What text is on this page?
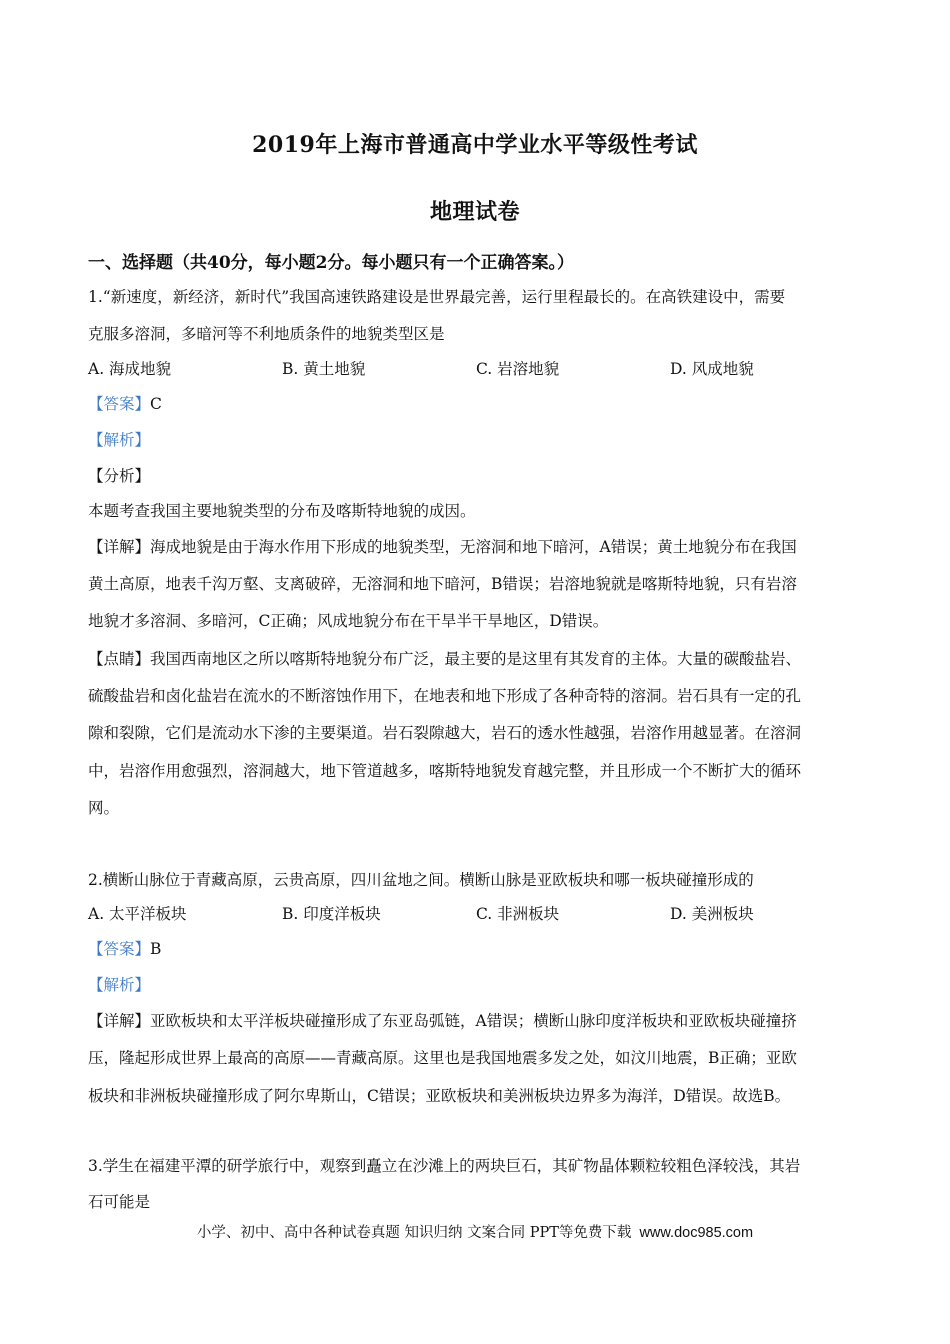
2019年上海市普通高中学业水平等级性考试
地理试卷
一、选择题（共40分，每小题2分。每小题只有一个正确答案。）
1.“新速度，新经济，新时代”我国高速铁路建设是世界最完善，运行里程最长的。在高铁建设中，需要
克服多溶洞，多暗河等不利地质条件的地貌类型区是
A. 海成地貌	B. 黄土地貌	C. 岩溶地貌	D. 风成地貌
【答案】C
【解析】
【分析】
本题考查我国主要地貌类型的分布及喀斯特地貌的成因。
【详解】海成地貌是由于海水作用下形成的地貌类型，无溶洞和地下暗河，A错误；黄土地貌分布在我国
黄土高原，地表千沟万壑、支离破碎，无溶洞和地下暗河，B错误；岩溶地貌就是喀斯特地貌，只有岩溶
地貌才多溶洞、多暗河，C正确；风成地貌分布在干旱半干旱地区，D错误。
【点睛】我国西南地区之所以喀斯特地貌分布广泛，最主要的是这里有其发育的主体。大量的碳酸盐岩、
硫酸盐岩和卤化盐岩在流水的不断溶蚀作用下，在地表和地下形成了各种奇特的溶洞。岩石具有一定的孔
隙和裂隙，它们是流动水下渗的主要渠道。岩石裂隙越大，岩石的透水性越强，岩溶作用越显著。在溶洞
中，岩溶作用愈强烈，溶洞越大，地下管道越多，喀斯特地貌发育越完整，并且形成一个不断扩大的循环
网。
2.横断山脉位于青藏高原，云贵高原，四川盆地之间。横断山脉是亚欧板块和哪一板块碰撞形成的
A. 太平洋板块	B. 印度洋板块	C. 非洲板块	D. 美洲板块
【答案】B
【解析】
【详解】亚欧板块和太平洋板块碰撞形成了东亚岛弧链，A错误；横断山脉印度洋板块和亚欧板块碰撞挤
压，隆起形成世界上最高的高原——青藏高原。这里也是我国地震多发之处，如汶川地震，B正确；亚欧
板块和非洲板块碰撞形成了阿尔卑斯山，C错误；亚欧板块和美洲板块边界多为海洋，D错误。故选B。
3.学生在福建平潭的研学旅行中，观察到矗立在沙滩上的两块巨石，其矿物晶体颗粒较粗色泽较浅，其岩
石可能是
小学、初中、高中各种试卷真题 知识归纳 文案合同 PPT等免费下载 www.doc985.com
